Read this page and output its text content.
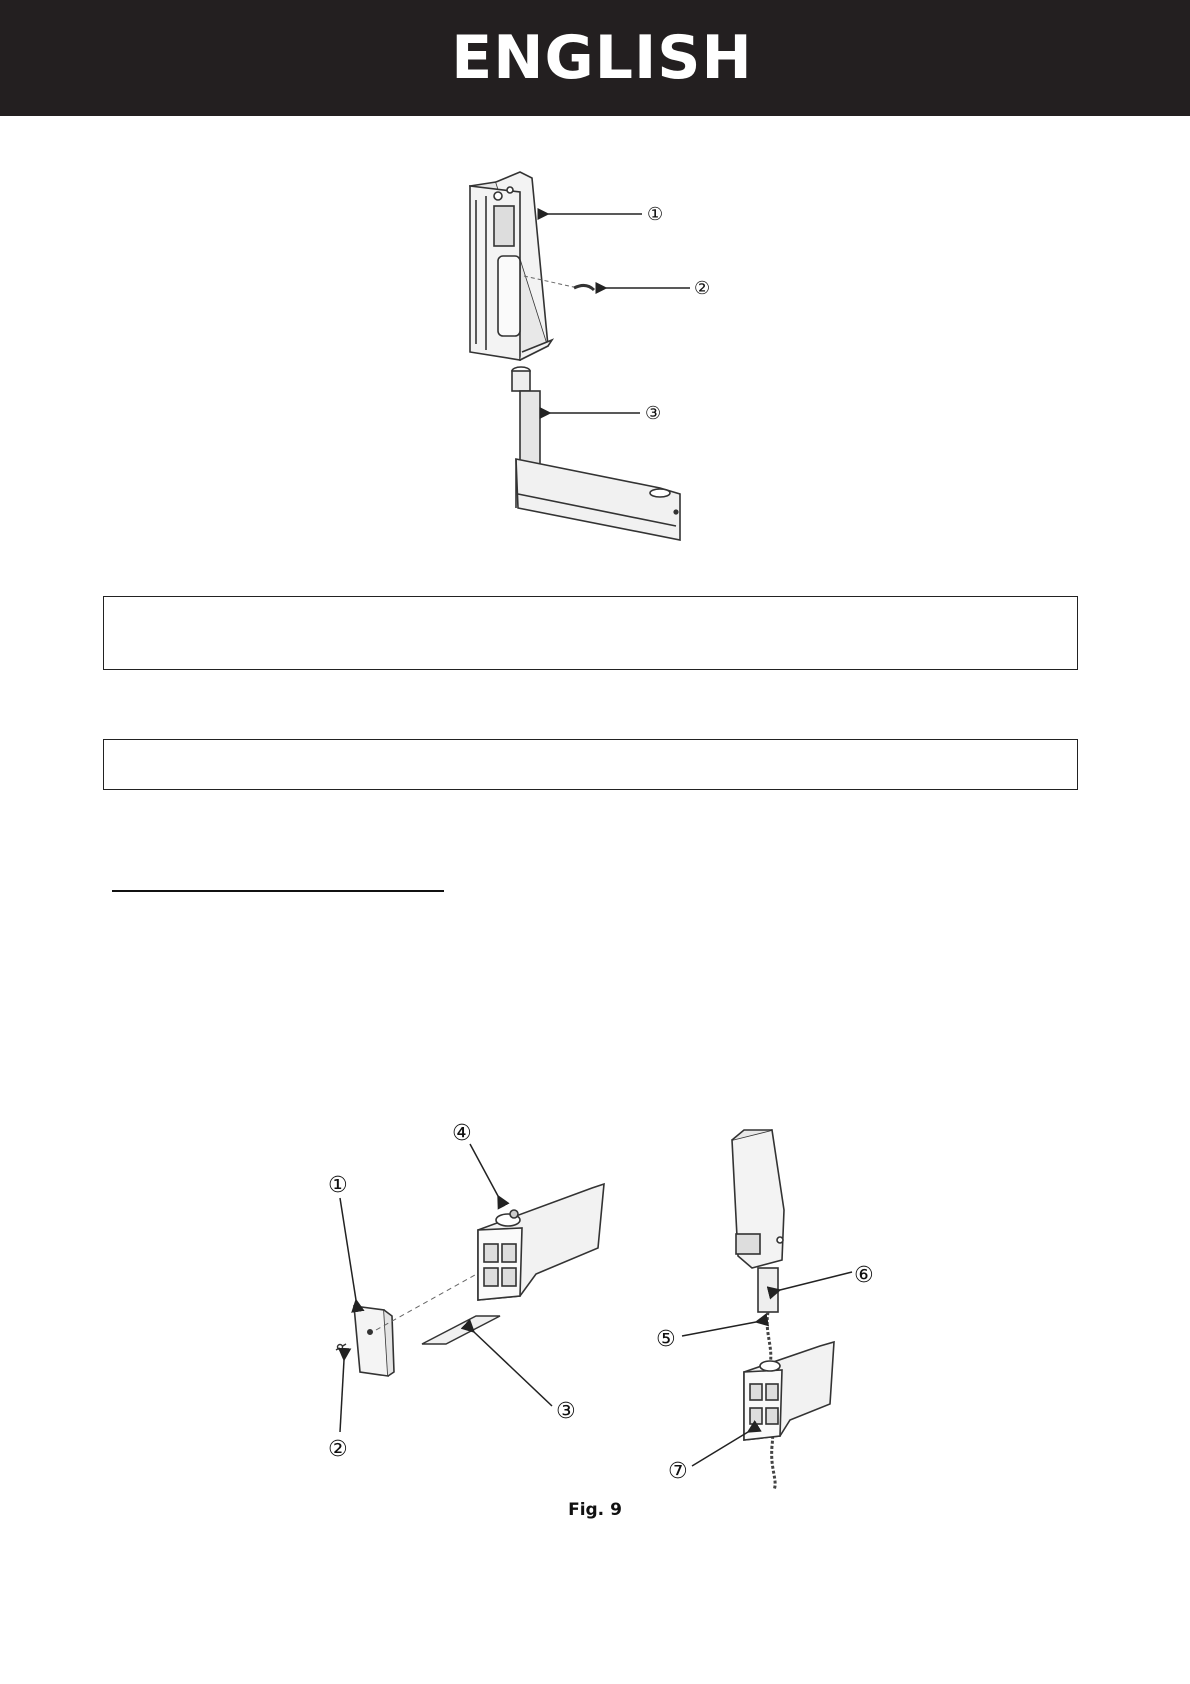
ENGLISH
①
②
③
①
②
③
④
⑥
⑤
⑦
Fig. 9
